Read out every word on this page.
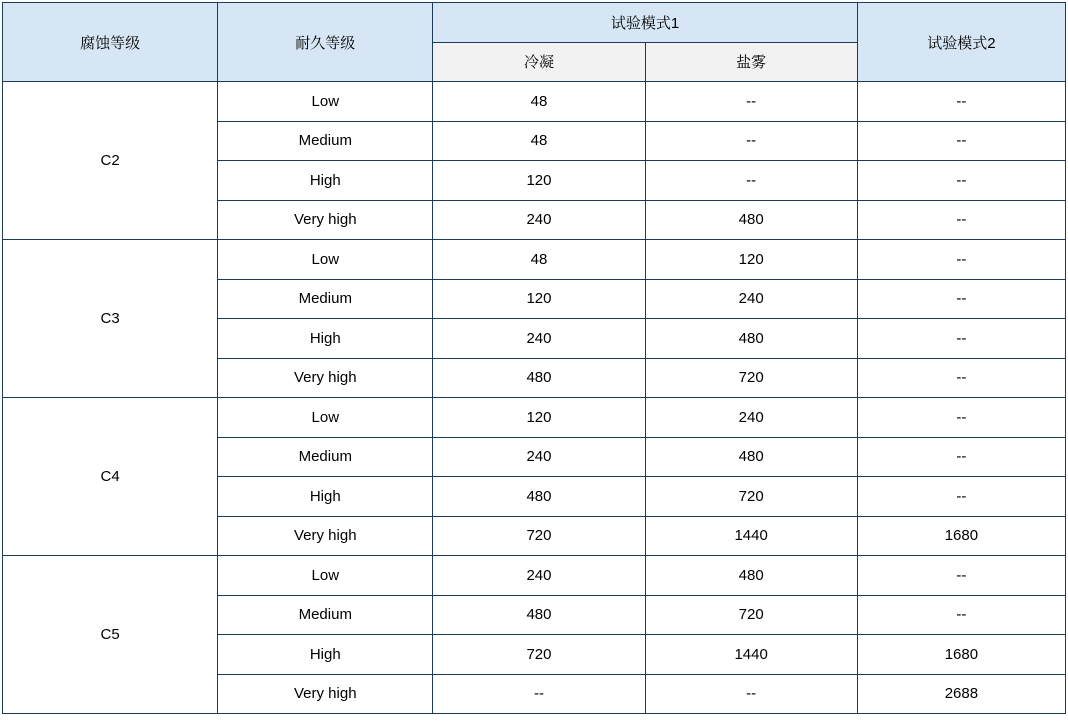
腐蚀等级	耐久等级	试验模式1		试验模式2
		冷凝	盐雾	
C2	Low	48	--	--
	Medium	48	--	--
	High	120	--	--
	Very high	240	480	--
C3	Low	48	120	--
	Medium	120	240	--
	High	240	480	--
	Very high	480	720	--
C4	Low	120	240	--
	Medium	240	480	--
	High	480	720	--
	Very high	720	1440	1680
C5	Low	240	480	--
	Medium	480	720	--
	High	720	1440	1680
	Very high	--	--	2688
